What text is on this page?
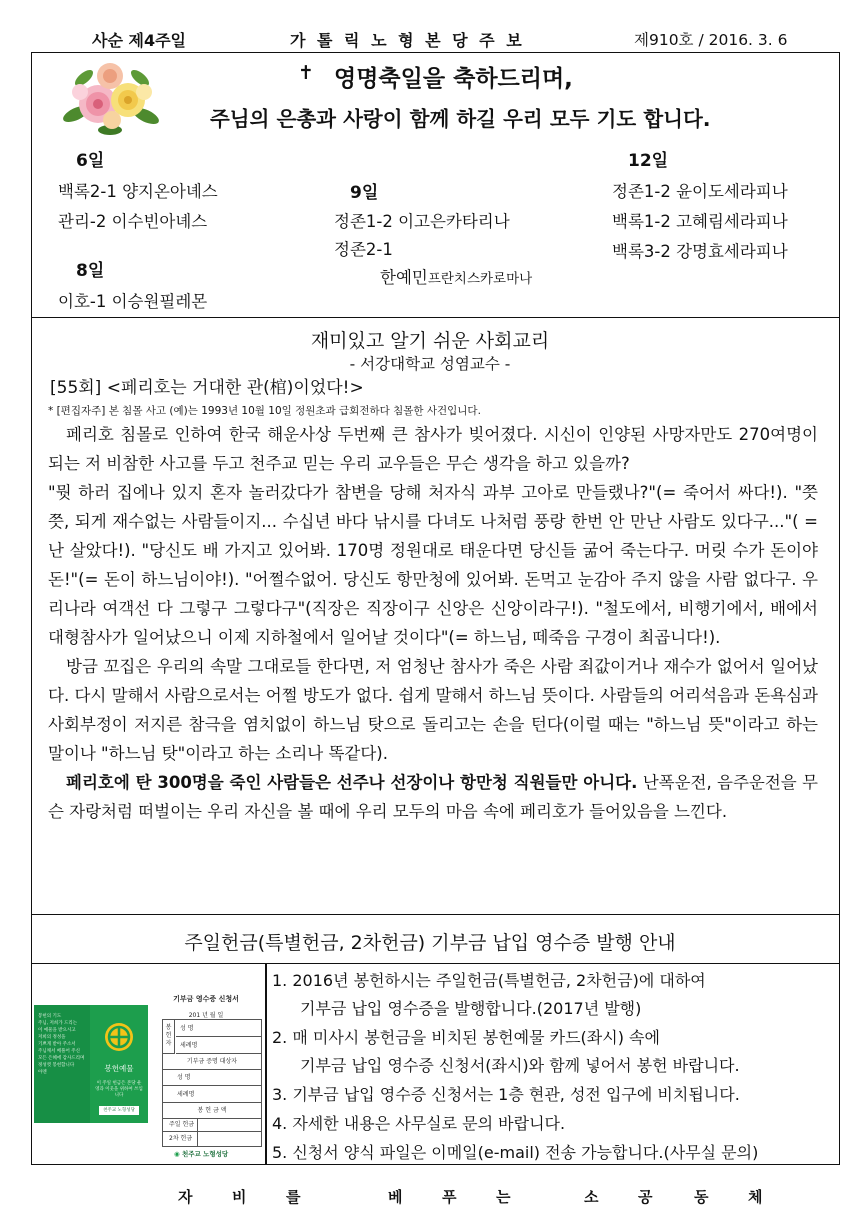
사순 제4주일	가 톨 릭 노 형 본 당 주 보	제910호 / 2016. 3. 6
✝ 영명축일을 축하드리며,
주님의 은총과 사랑이 함께 하길 우리 모두 기도 합니다.
6일
백록2-1 양지온아녜스
관리-2 이수빈아녜스
8일
이호-1 이승원필레몬
9일
정존1-2 이고은카타리나
정존2-1
한예민프란치스카로마나
12일
정존1-2 윤이도세라피나
백록1-2 고혜림세라피나
백록3-2 강명효세라피나
재미있고 알기 쉬운 사회교리
- 서강대학교 성염교수 -
[55회] <페리호는 거대한 관(棺)이었다!>
* [편집자주] 본 침몰 사고 (예)는 1993년 10월 10일 정원초과 급회전하다 침몰한 사건입니다.

페리호 침몰로 인하여 한국 해운사상 두번째 큰 참사가 빚어졌다. 시신이 인양된 사망자만도 270여명이 되는 저 비참한 사고를 두고 천주교 믿는 우리 교우들은 무슨 생각을 하고 있을까?

"뭣 하러 집에나 있지 혼자 놀러갔다가 참변을 당해 처자식 과부 고아로 만들랬나?"(= 죽어서 싸다!). "쯧쯧, 되게 재수없는 사람들이지... 수십년 바다 낚시를 다녀도 나처럼 풍랑 한번 안 만난 사람도 있다구..."( = 난 살았다!). "당신도 배 가지고 있어봐. 170명 정원대로 태운다면 당신들 굶어 죽는다구. 머릿 수가 돈이야 돈!"(= 돈이 하느님이야!). "어쩔수없어. 당신도 항만청에 있어봐. 돈먹고 눈감아 주지 않을 사람 없다구. 우리나라 여객선 다 그렇구 그렇다구"(직장은 직장이구 신앙은 신앙이라구!). "철도에서, 비행기에서, 배에서 대형참사가 일어났으니 이제 지하철에서 일어날 것이다"(= 하느님, 떼죽음 구경이 최곱니다!).

방금 꼬집은 우리의 속말 그대로들 한다면, 저 엄청난 참사가 죽은 사람 죄값이거나 재수가 없어서 일어났다. 다시 말해서 사람으로서는 어쩔 방도가 없다. 쉽게 말해서 하느님 뜻이다. 사람들의 어리석음과 돈욕심과 사회부정이 저지른 참극을 염치없이 하느님 탓으로 돌리고는 손을 턴다(이럴 때는 "하느님 뜻"이라고 하는 말이나 "하느님 탓"이라고 하는 소리나 똑같다).

페리호에 탄 300명을 죽인 사람들은 선주나 선장이나 항만청 직원들만 아니다. 난폭운전, 음주운전을 무슨 자랑처럼 떠벌이는 우리 자신을 볼 때에 우리 모두의 마음 속에 페리호가 들어있음을 느낀다.

주일헌금(특별헌금, 2차헌금) 기부금 납입 영수증 발행 안내
봉헌의 기도
주님, 저희가 드리는
이 예물을 받으시고
저희의 정성을
기쁘게 받아 주소서
주님께서 베풀어 주신
모든 은혜에 감사드리며
정성껏 봉헌합니다
아멘	봉헌예물
이 주일 헌금은 본당 운영과 이웃을 위하여 쓰입니다
천주교 노형성당
기부금 영수증 신청서
201 년 월 일
봉헌자
성 명
세례명
기부금 증명 대상자
성 명
세례명
봉 헌 금 액
주일 헌금
2차 헌금
◉ 천주교 노형성당
1. 2016년 봉헌하시는 주일헌금(특별헌금, 2차헌금)에 대하여
기부금 납입 영수증을 발행합니다.(2017년 발행)
2. 매 미사시 봉헌금을 비치된 봉헌예물 카드(좌시) 속에
기부금 납입 영수증 신청서(좌시)와 함께 넣어서 봉헌 바랍니다.
3. 기부금 납입 영수증 신청서는 1층 현관, 성전 입구에 비치됩니다.
4. 자세한 내용은 사무실로 문의 바랍니다.
5. 신청서 양식 파일은 이메일(e-mail) 전송 가능합니다.(사무실 문의)
자	비	를	베	푸	는	소	공	동	체
